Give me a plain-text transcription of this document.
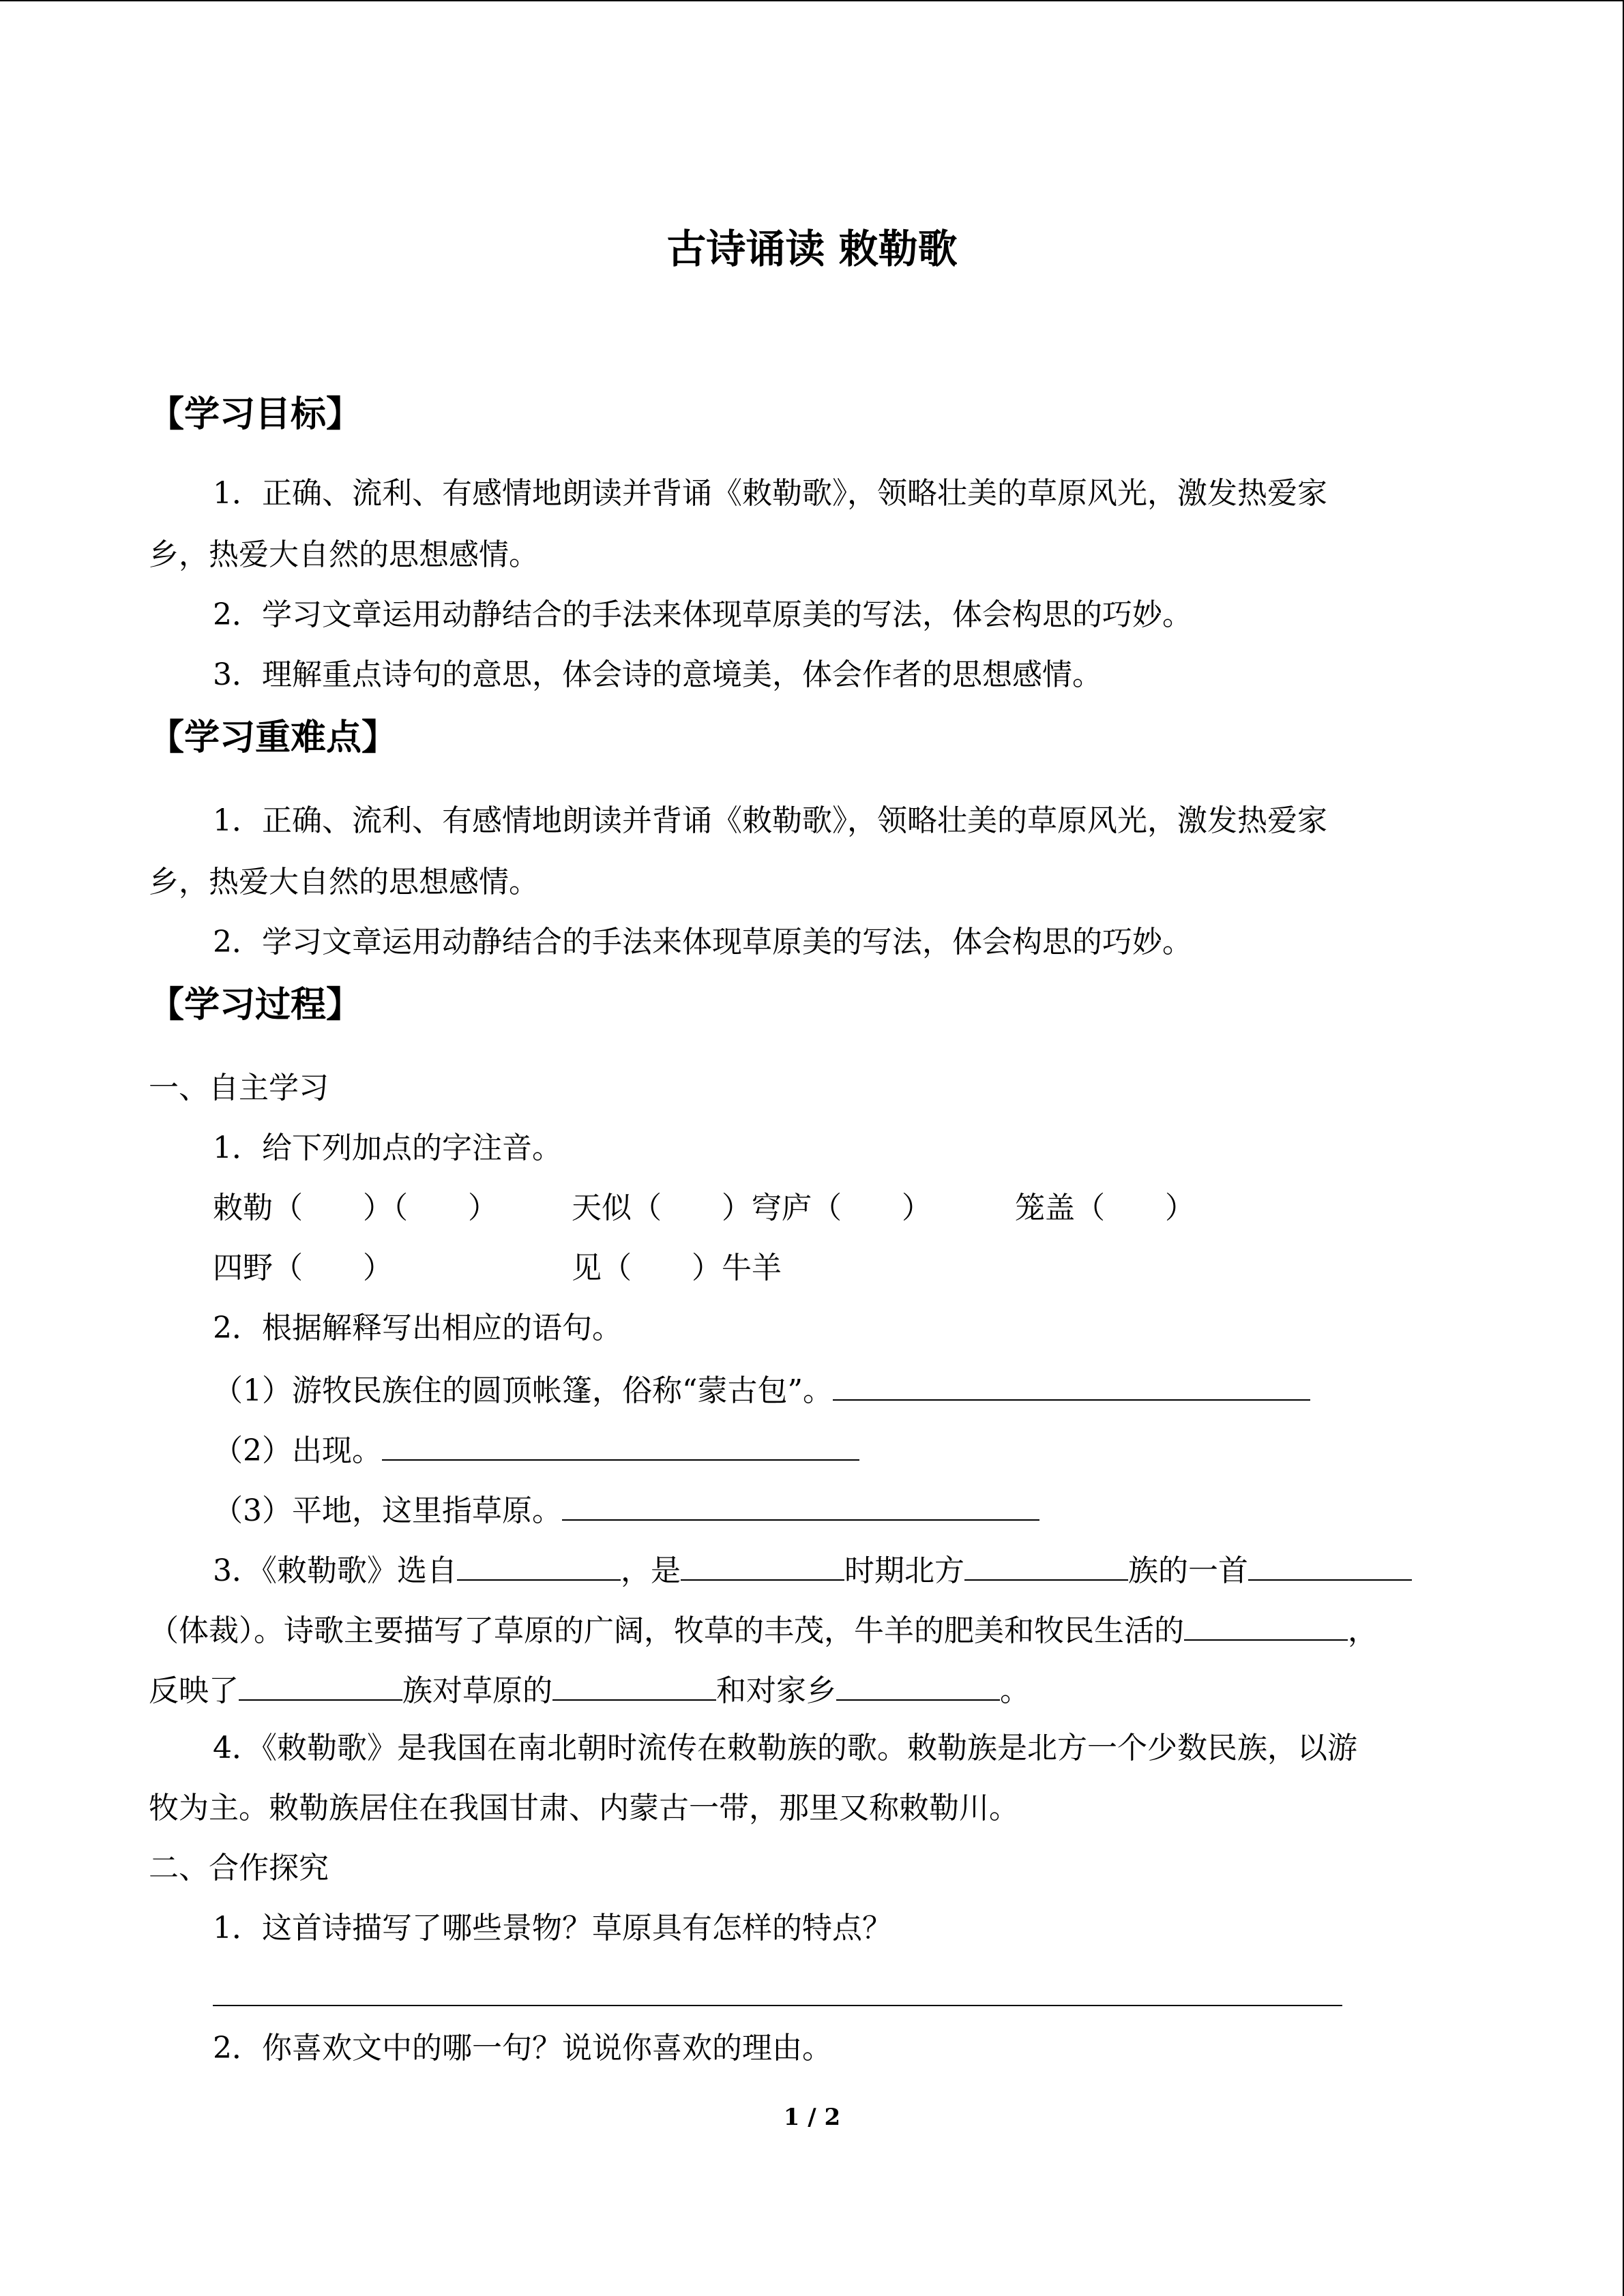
古诗诵读 敕勒歌
【学习目标】
1．正确、流利、有感情地朗读并背诵《敕勒歌》，领略壮美的草原风光，激发热爱家
乡，热爱大自然的思想感情。
2．学习文章运用动静结合的手法来体现草原美的写法，体会构思的巧妙。
3．理解重点诗句的意思，体会诗的意境美，体会作者的思想感情。
【学习重难点】
1．正确、流利、有感情地朗读并背诵《敕勒歌》，领略壮美的草原风光，激发热爱家
乡，热爱大自然的思想感情。
2．学习文章运用动静结合的手法来体现草原美的写法，体会构思的巧妙。
【学习过程】
一、自主学习
1．给下列加点的字注音。
敕勒（　　）（　　） 天似（　　）穹庐（　　）	笼盖（　　）
四野（　　）	见（　　）牛羊
2．根据解释写出相应的语句。
（1）游牧民族住的圆顶帐篷，俗称“蒙古包”。
（2）出现。
（3）平地，这里指草原。
3．《敕勒歌》选自	，是	时期北方	族的一首
（体裁）。诗歌主要描写了草原的广阔，牧草的丰茂，牛羊的肥美和牧民生活的	，
反映了	族对草原的	和对家乡	。
4．《敕勒歌》是我国在南北朝时流传在敕勒族的歌。敕勒族是北方一个少数民族，以游
牧为主。敕勒族居住在我国甘肃、内蒙古一带，那里又称敕勒川。
二、合作探究
1．这首诗描写了哪些景物？草原具有怎样的特点？
2．你喜欢文中的哪一句？说说你喜欢的理由。
1 / 2
